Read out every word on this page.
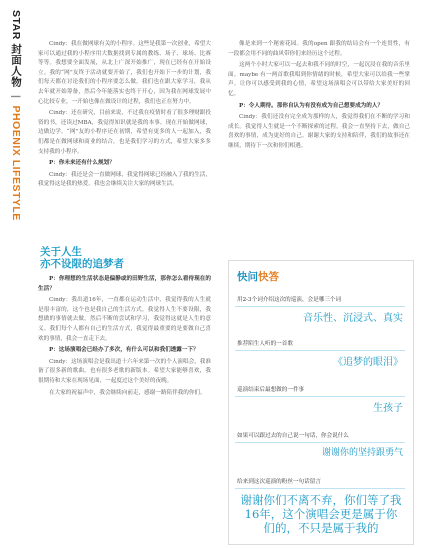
STAR 封面人物 | PHOENIX LIFESTYLE

Cindy：我在做网球有关的小程序。这些是我第一次创业，希望大家可以通过我的小程序用大数据找到专属的教练、场子、球场、比赛等等。我想要全面发展，从北上广深开始推广，现在已经有在开始设立。我的“网”友终于活动就要开始了，我们也开始下一步的计划，我们每天都在讨论我们的小程序要怎么做，我们也在跟大家学习，我从去年就开始筹备，然后今年能落实也终于开心，因为我在网球发展中心比较专业，一开始也像在做设计的过程，我们也正在努力中。

Cindy：还在研究，目前来说，不过我在疫情时看了很多理财跟投资的书，还读过MBA，我觉得知识就是我的本事。现在开始做网球，边做边学。“网”友的小程序还在初期，希望有更多的人一起加入，我们都是在做网球和商业的结合，也是我们学习的方式，希望大家多多支持我的小程序。

P：你未来还有什么规划？

Cindy：我还是会一直做网球，我觉得网球已经融入了我的生活，我觉得这是我的热爱。我也会继续关注大家的网球生活。

关于人生
亦不设限的追梦者

P：你理想的生活状态是偏静或的田野生活，那你怎么看待现在的生活？

Cindy：我出道16年，一直都在运动生活中，我觉得我的人生就是很丰富的，这个也是我自己的生活方式。我觉得人生不要设限，我想做的事情就去做，然后不断的尝试和学习，我觉得这就是人生的意义。我们每个人都有自己的生活方式，我觉得最重要的是要做自己喜欢的事情，我会一直走下去。

P：这场演唱会已经办了多次，有什么可以和我们透露一下？

Cindy：这场演唱会是我出道十六年来第一次的个人演唱会，我准备了很多新的歌曲，也有很多老歌的新版本。希望大家能够喜欢，我很期待和大家在现场见面，一起度过这个美好的夜晚。

在大家的祝福声中，我会继续向前走，感谢一路陪伴我的你们。

像是来到一个秘密花园。我的open 跟我的结局会有一个连贯性，有一段都会用不同的曲风带你们来经历这个过程。

这两个小时大家可以一起去和我不同的时空，一起沉浸在我的音乐里面。maybe 有一两首歌我唱到你情绪的时候，希望大家可以给我一些掌声。让你可以感受到我的心情，希望这场演唱会可以带给大家美好的回忆。

P：令人期待。那你自认为有没有成为自己想要成为的人？

Cindy：我们还没有完全成为那样的人，我觉得我们在不断的学习和成长。我觉得人生就是一个不断探索的过程，我会一直坚持下去，做自己喜欢的事情，成为更好的自己。谢谢大家的支持和陪伴，我们的故事还在继续，期待下一次和你们相遇。

快问快答
用2-3个词介绍这次的巡演，会是哪三个词
音乐性、沉浸式、真实
推荐陌生人听的一首歌
《追梦的眼泪》
巡演结束后最想做的一件事
生孩子
如果可以跟过去的自己说一句话，你会说什么
谢谢你的坚持跟勇气
给来到这次巡演的粉丝一句话留言
谢谢你们不离不弃，你们等了我16年，这个演唱会更是属于你们的，不只是属于我的
